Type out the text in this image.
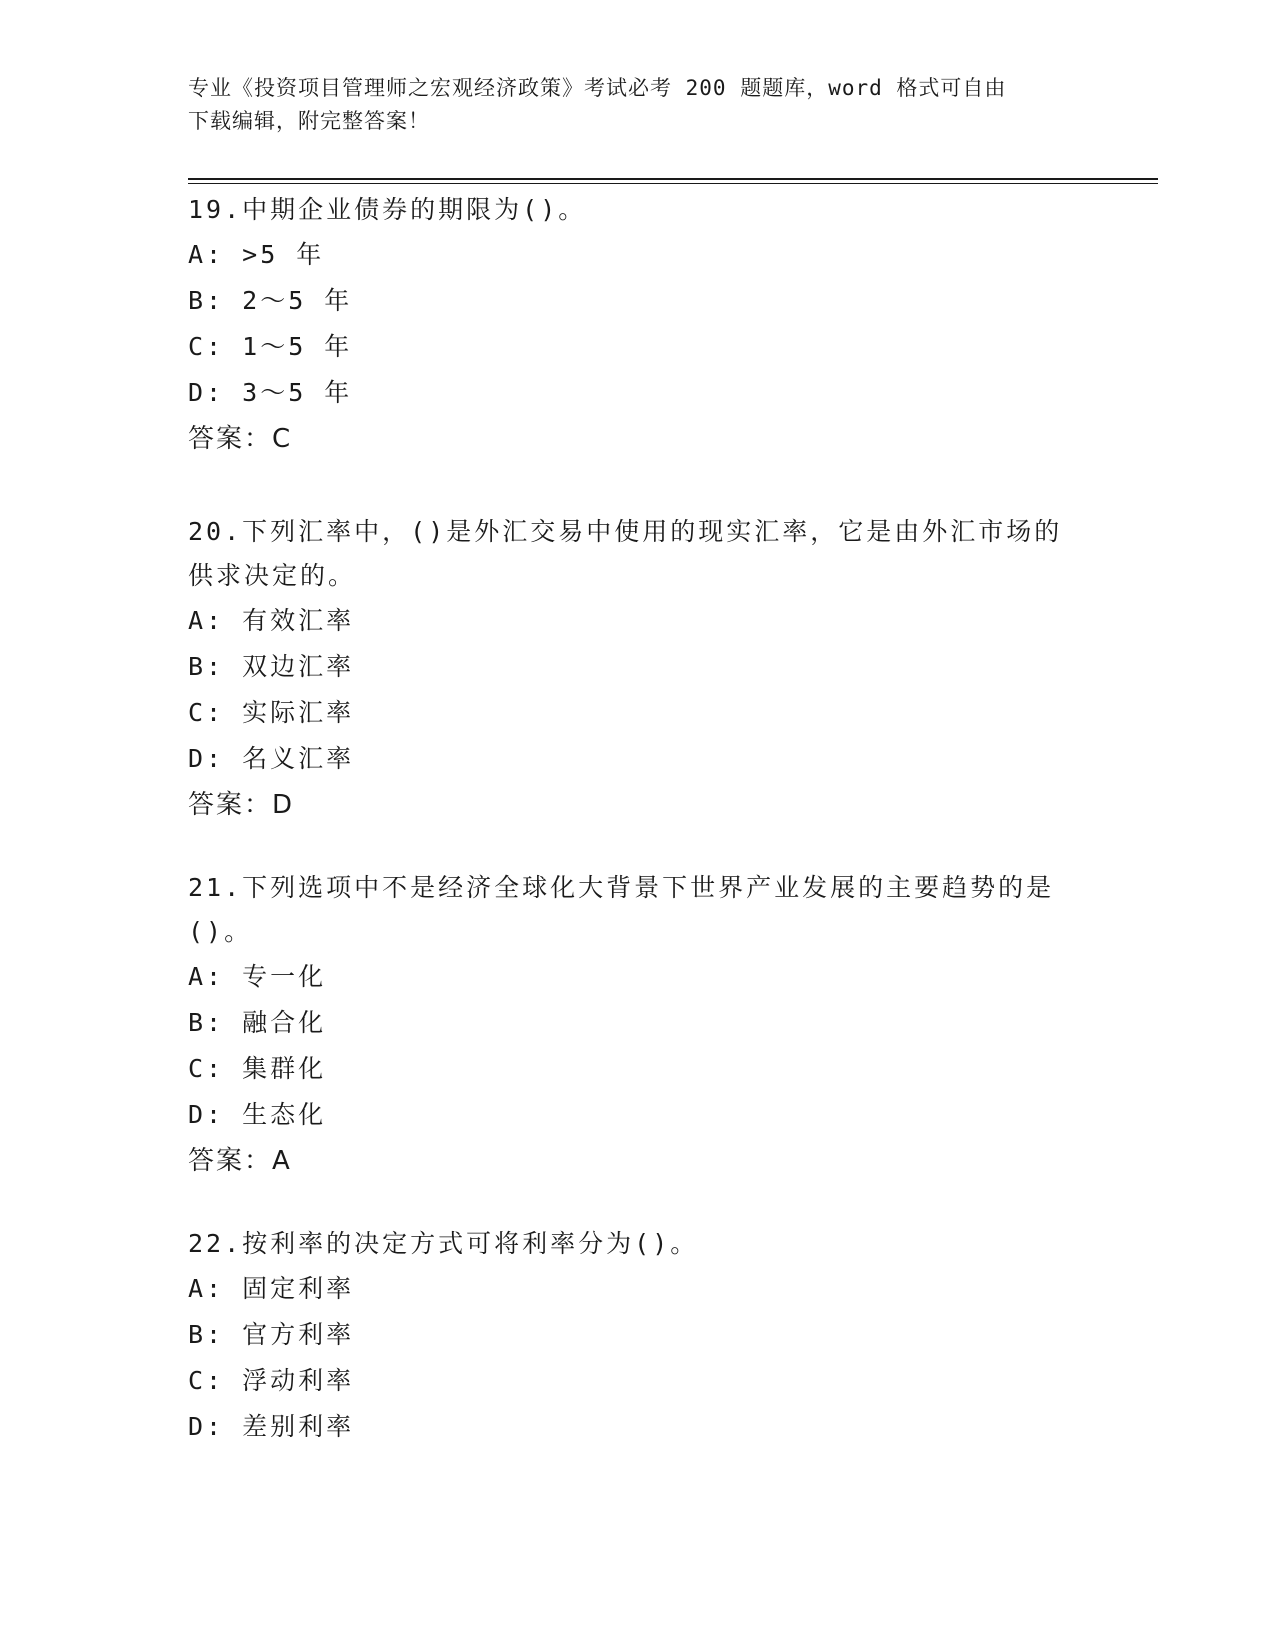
专业《投资项目管理师之宏观经济政策》考试必考 200 题题库，word 格式可自由
下载编辑，附完整答案！

19.中期企业债券的期限为()。

A: >5 年

B: 2～5 年

C: 1～5 年

D: 3～5 年

答案：C

20.下列汇率中，()是外汇交易中使用的现实汇率，它是由外汇市场的

供求决定的。

A: 有效汇率

B: 双边汇率

C: 实际汇率

D: 名义汇率

答案：D

21.下列选项中不是经济全球化大背景下世界产业发展的主要趋势的是

()。

A: 专一化

B: 融合化

C: 集群化

D: 生态化

答案：A

22.按利率的决定方式可将利率分为()。

A: 固定利率

B: 官方利率

C: 浮动利率

D: 差别利率
